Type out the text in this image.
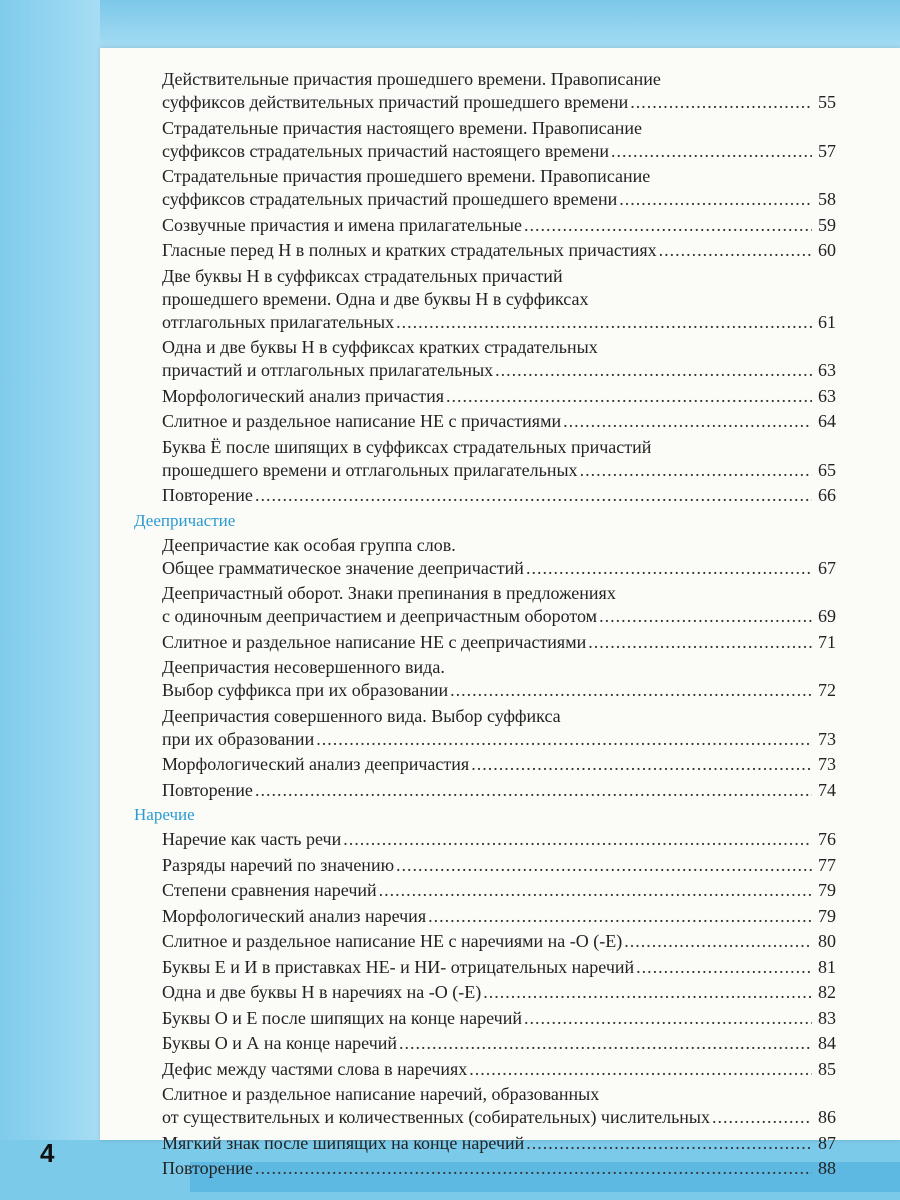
Действительные причастия прошедшего времени. Правописание
суффиксов действительных причастий прошедшего времени .....	55
Страдательные причастия настоящего времени. Правописание
суффиксов страдательных причастий настоящего времени .....	57
Страдательные причастия прошедшего времени. Правописание
суффиксов страдательных причастий прошедшего времени .....	58
Созвучные причастия и имена прилагательные .....	59
Гласные перед Н в полных и кратких страдательных причастиях .....	60
Две буквы Н в суффиксах страдательных причастий
прошедшего времени. Одна и две буквы Н в суффиксах
отглагольных прилагательных .....	61
Одна и две буквы Н в суффиксах кратких страдательных
причастий и отглагольных прилагательных .....	63
Морфологический анализ причастия .....	63
Слитное и раздельное написание НЕ с причастиями .....	64
Буква Ё после шипящих в суффиксах страдательных причастий
прошедшего времени и отглагольных прилагательных .....	65
Повторение .....	66
Деепричастие
Деепричастие как особая группа слов.
Общее грамматическое значение деепричастий .....	67
Деепричастный оборот. Знаки препинания в предложениях
с одиночным деепричастием и деепричастным оборотом .....	69
Слитное и раздельное написание НЕ с деепричастиями .....	71
Деепричастия несовершенного вида.
Выбор суффикса при их образовании .....	72
Деепричастия совершенного вида. Выбор суффикса
при их образовании .....	73
Морфологический анализ деепричастия .....	73
Повторение .....	74
Наречие
Наречие как часть речи .....	76
Разряды наречий по значению .....	77
Степени сравнения наречий .....	79
Морфологический анализ наречия .....	79
Слитное и раздельное написание НЕ с наречиями на -О (-Е) .....	80
Буквы Е и И в приставках НЕ- и НИ- отрицательных наречий .....	81
Одна и две буквы Н в наречиях на -О (-Е) .....	82
Буквы О и Е после шипящих на конце наречий .....	83
Буквы О и А на конце наречий .....	84
Дефис между частями слова в наречиях .....	85
Слитное и раздельное написание наречий, образованных
от существительных и количественных (собирательных) числительных .....	86
Мягкий знак после шипящих на конце наречий .....	87
Повторение .....	88
4
